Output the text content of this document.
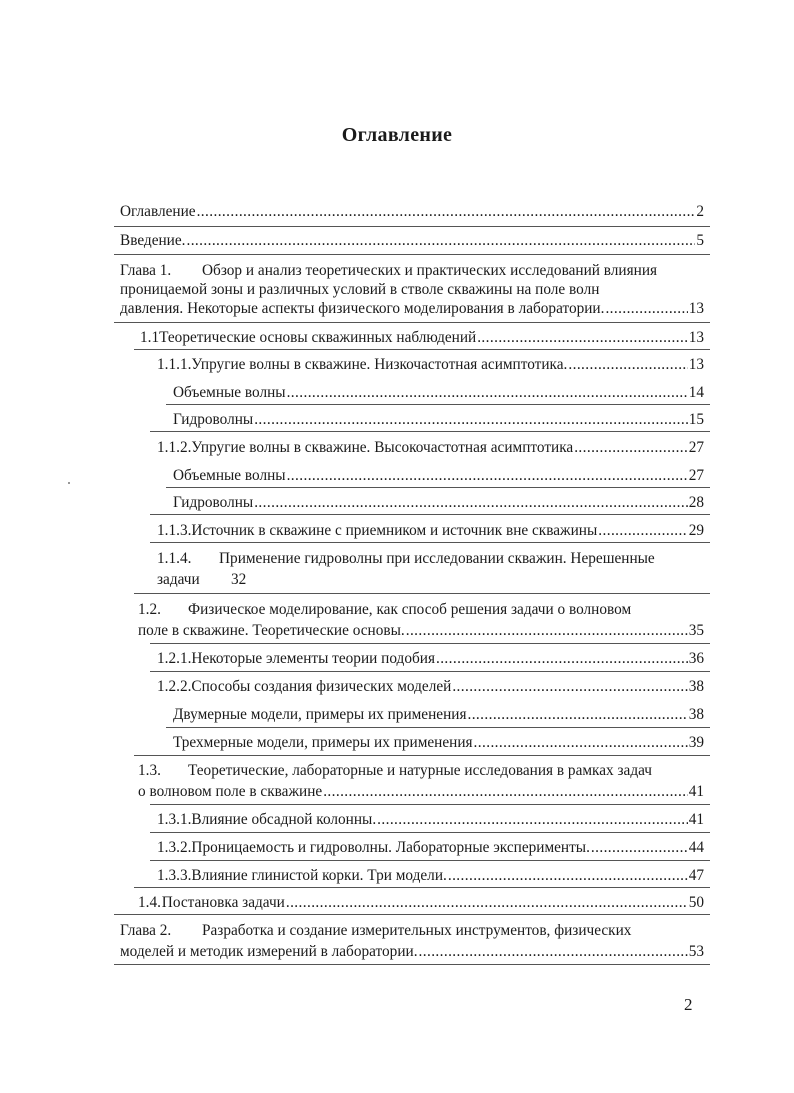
Оглавление
Оглавление .....	2
Введение. .....	5
Глава 1. Обзор и анализ теоретических и практических исследований влияния
проницаемой зоны и различных условий в стволе скважины на поле волн
давления. Некоторые аспекты физического моделирования в лаборатории. .....	13
1.1 Теоретические основы скважинных наблюдений .....	13
1.1.1. Упругие волны в скважине. Низкочастотная асимптотика. .....	13
Объемные волны .....	14
Гидроволны .....	15
1.1.2. Упругие волны в скважине. Высокочастотная асимптотика .....	27
Объемные волны .....	27
Гидроволны .....	28
1.1.3. Источник в скважине с приемником и источник вне скважины .....	29
1.1.4. Применение гидроволны при исследовании скважин. Нерешенные
задачи 32
1.2. Физическое моделирование, как способ решения задачи о волновом
поле в скважине. Теоретические основы. .....	35
1.2.1. Некоторые элементы теории подобия .....	36
1.2.2. Способы создания физических моделей .....	38
Двумерные модели, примеры их применения .....	38
Трехмерные модели, примеры их применения .....	39
1.3. Теоретические, лабораторные и натурные исследования в рамках задач
о волновом поле в скважине .....	41
1.3.1. Влияние обсадной колонны. .....	41
1.3.2. Проницаемость и гидроволны. Лабораторные эксперименты. .....	44
1.3.3. Влияние глинистой корки. Три модели. .....	47
1.4. Постановка задачи .....	50
Глава 2. Разработка и создание измерительных инструментов, физических
моделей и методик измерений в лаборатории. .....	53
2
